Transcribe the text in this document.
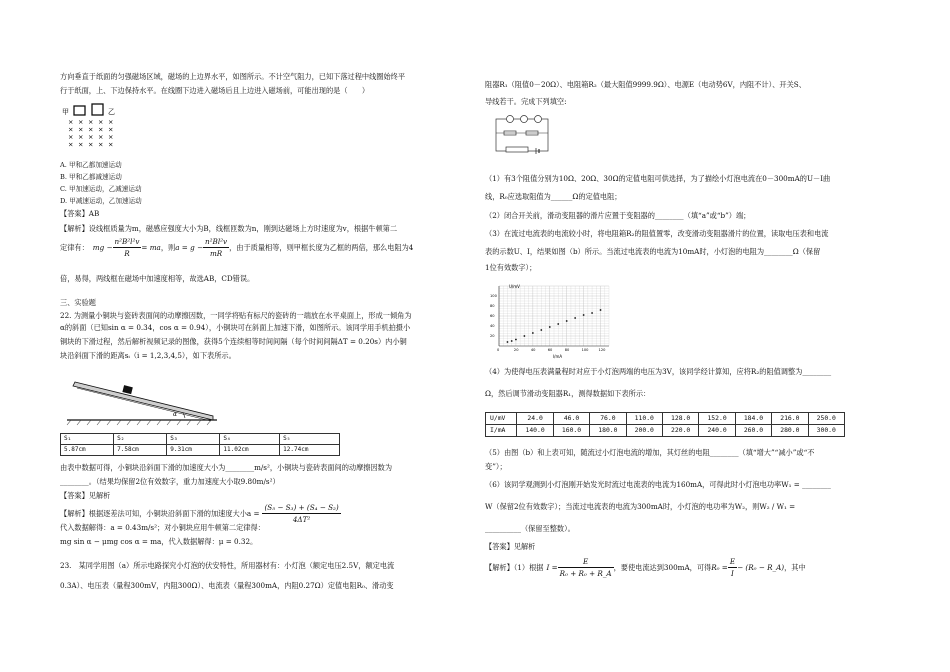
方向垂直于纸面的匀强磁场区域，磁场的上边界水平，如图所示。不计空气阻力，已知下落过程中线圈始终平
行于纸面，上、下边保持水平。在线圈下边进入磁场后且上边进入磁场前，可能出现的是（　　）
甲	乙
× × × × ×
× × × × ×
× × × × ×
× × × × ×
A. 甲和乙都加速运动
B. 甲和乙都减速运动
C. 甲加速运动，乙减速运动
D. 甲减速运动，乙加速运动
【答案】AB
【解析】设线框质量为m，磁感应强度大小为B，线框匝数为n，刚到达磁场上方时速度为v，根据牛顿第二
定律有： mg − $\frac{\text{n²B²l²v}}{R}$ = ma ，则 $a = g - \frac{\text{n²Bl²v}}{mR}$ ，由于质量相等，则甲框长度为乙框的两倍，那么电阻为4
倍，易得，两线框在磁场中加速度相等，故选AB，CD错误。
三、实验题
22. 为测量小铜块与瓷砖表面间的动摩擦因数，一同学将贴有标尺的瓷砖的一端放在水平桌面上，形成一倾角为
α的斜面（已知sin α = 0.34，cos α = 0.94），小铜块可在斜面上加速下滑，如图所示。该同学用手机拍摄小
铜块的下滑过程，然后解析视频记录的图像，获得5个连续相等时间间隔（每个时间间隔ΔT = 0.20s）内小铜
块沿斜面下滑的距离sᵢ（i = 1,2,3,4,5），如下表所示。
α
S₁	S₂	S₃	S₄	S₅
5.87cm	7.58cm	9.31cm	11.02cm	12.74cm
由表中数据可得，小铜块沿斜面下滑的加速度大小为________m/s²，小铜块与瓷砖表面间的动摩擦因数为
________。（结果均保留2位有效数字，重力加速度大小取9.80m/s²）
【答案】见解析
【解析】根据逐差法可知，小铜块沿斜面下滑的加速度大小$a = \frac{\text{(S₅ − S₃) + (S₄ − S₂)}}{\text{4ΔT²}}$
代入数据解得：a = 0.43m/s²；对小铜块应用牛顿第二定律得：
mg sin α − μmg cos α = ma，代入数据解得：μ = 0.32。
23.　某同学用图（a）所示电路探究小灯泡的伏安特性，所用器材有：小灯泡（额定电压2.5V，额定电流
0.3A）、电压表（量程300mV，内阻300Ω）、电流表（量程300mA，内阻0.27Ω）定值电阻R₀、滑动变
阻器R₁（阻值0－20Ω）、电阻箱R₂（最大阻值9999.9Ω）、电源E（电动势6V，内阻不计）、开关S、
导线若干。完成下列填空:
（1）有3个阻值分别为10Ω、20Ω、30Ω的定值电阻可供选择，为了描绘小灯泡电流在0－300mA的U－I曲
线，R₀应选取阻值为______Ω的定值电阻；
（2）闭合开关前，滑动变阻器的滑片应置于变阻器的________（填“a”或“b”）端；
（3）在流过电流表的电流较小时，将电阻箱R₂的阻值置零，改变滑动变阻器滑片的位置，读取电压表和电流
表的示数U、I，结果如图（b）所示。当流过电流表的电流为10mA时，小灯泡的电阻为________Ω（保留
1位有效数字）；
0	20	40	60	80	100	120
20
40
60
80
100
U/mV
I/mA
（4）为使得电压表满量程时对应于小灯泡两端的电压为3V，该同学经计算知，应将R₂的阻值调整为________
Ω，然后调节滑动变阻器R₁，测得数据如下表所示：
U/mV	24.0	46.0	76.0	110.0	128.0	152.0	184.0	216.0	250.0
I/mA	140.0	160.0	180.0	200.0	220.0	240.0	260.0	280.0	300.0
（5）由图（b）和上表可知，随流过小灯泡电流的增加，其灯丝的电阻________（填“增大”“减小”或“不
变”）；
（6）该同学观测到小灯泡刚开始发光时流过电流表的电流为160mA，可得此时小灯泡电功率W₁ = ________
W（保留2位有效数字）；当流过电流表的电流为300mA时，小灯泡的电功率为W₂，则W₂ / W₁ =
__________（保留至整数）。
【答案】见解析
【解析】（1）根据 $I = \frac{E}{\text{R₀ + R₀ + R\_A}}$ ，要使电流达到300mA，可得 $R_0 = \frac{E}{I} - (R_0$ − R_A) ，其中
